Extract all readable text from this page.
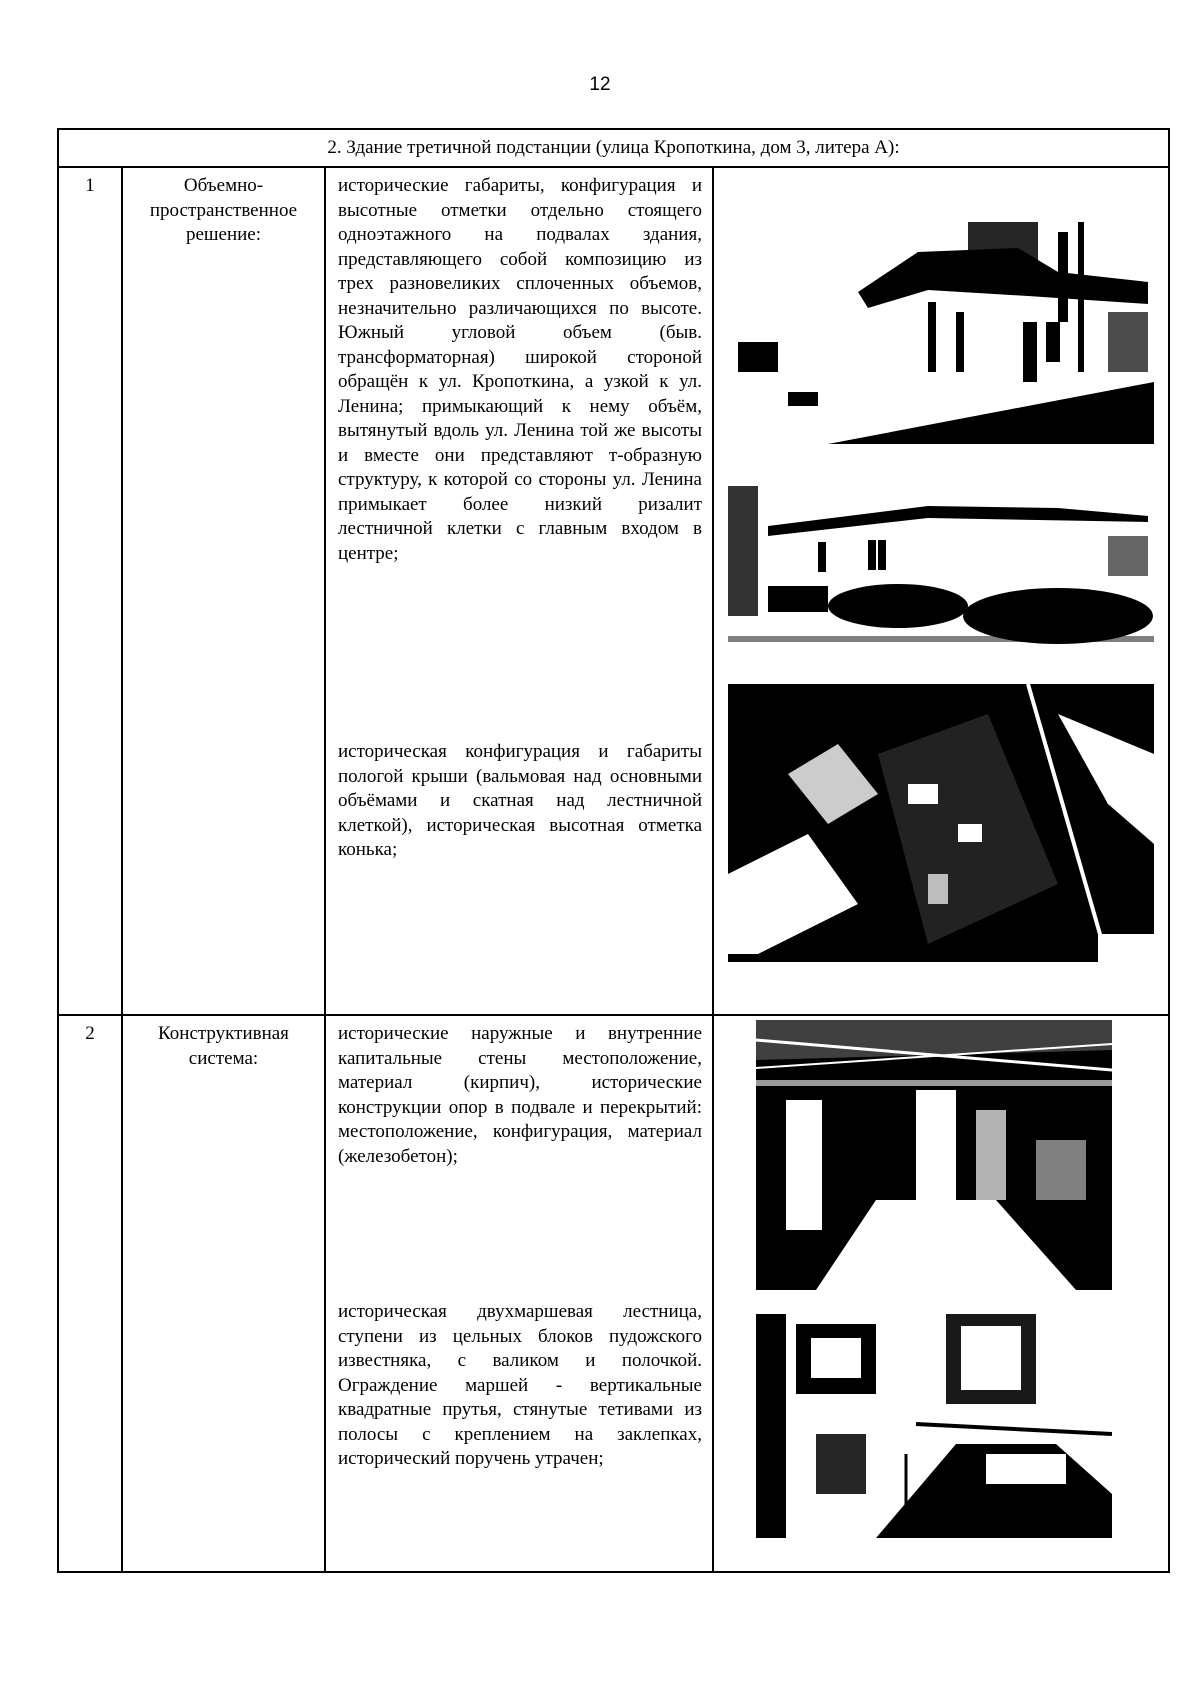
12
2. Здание третичной подстанции (улица Кропоткина, дом 3, литера А):			
1	Объемно-пространственное решение:	исторические габариты, конфигурация и высотные отметки отдельно стоящего одноэтажного на подвалах здания, представляющего собой композицию из трех разновеликих сплоченных объемов, незначительно различающихся по высоте. Южный угловой объем (быв. трансформаторная) широкой стороной обращён к ул. Кропоткина, а узкой к ул. Ленина; примыкающий к нему объём, вытянутый вдоль ул. Ленина той же высоты и вместе они представляют т-образную структуру, к которой со стороны ул. Ленина примыкает более низкий ризалит лестничной клетки с главным входом в центре;
историческая конфигурация и габариты пологой крыши (вальмовая над основными объёмами и скатная над лестничной клеткой), историческая высотная отметка конька;

2	Конструктивная система:	исторические наружные и внутренние капитальные стены местоположение, материал (кирпич), исторические конструкции опор в подвале и перекрытий: местоположение, конфигурация, материал (железобетон);
историческая двухмаршевая лестница, ступени из цельных блоков пудожского известняка, с валиком и полочкой. Ограждение маршей - вертикальные квадратные прутья, стянутые тетивами из полосы с креплением на заклепках, исторический поручень утрачен;
